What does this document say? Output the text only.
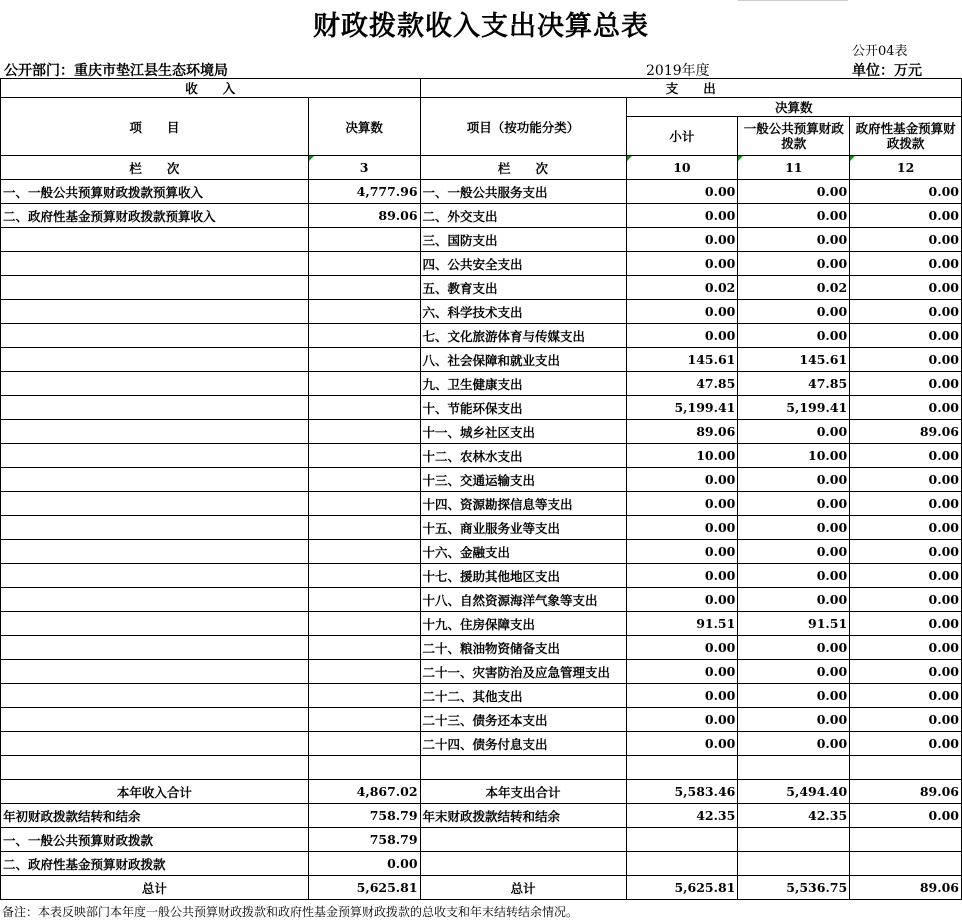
财政拨款收入支出决算总表
公开04表
公开部门：重庆市垫江县生态环境局	2019年度	单位：万元
收　　入		支　　出			
项　　目	决算数	项目（按功能分类）	决算数		
			小计	一般公共预算财政拨款	政府性基金预算财政拨款
栏　　次	3	栏　　次	10	11	12
一、一般公共预算财政拨款预算收入	4,777.96	一、一般公共服务支出	0.00	0.00	0.00
二、政府性基金预算财政拨款预算收入	89.06	二、外交支出	0.00	0.00	0.00
		三、国防支出	0.00	0.00	0.00
		四、公共安全支出	0.00	0.00	0.00
		五、教育支出	0.02	0.02	0.00
		六、科学技术支出	0.00	0.00	0.00
		七、文化旅游体育与传媒支出	0.00	0.00	0.00
		八、社会保障和就业支出	145.61	145.61	0.00
		九、卫生健康支出	47.85	47.85	0.00
		十、节能环保支出	5,199.41	5,199.41	0.00
		十一、城乡社区支出	89.06	0.00	89.06
		十二、农林水支出	10.00	10.00	0.00
		十三、交通运输支出	0.00	0.00	0.00
		十四、资源勘探信息等支出	0.00	0.00	0.00
		十五、商业服务业等支出	0.00	0.00	0.00
		十六、金融支出	0.00	0.00	0.00
		十七、援助其他地区支出	0.00	0.00	0.00
		十八、自然资源海洋气象等支出	0.00	0.00	0.00
		十九、住房保障支出	91.51	91.51	0.00
		二十、粮油物资储备支出	0.00	0.00	0.00
		二十一、灾害防治及应急管理支出	0.00	0.00	0.00
		二十二、其他支出	0.00	0.00	0.00
		二十三、债务还本支出	0.00	0.00	0.00
		二十四、债务付息支出	0.00	0.00	0.00

本年收入合计	4,867.02	本年支出合计	5,583.46	5,494.40	89.06
年初财政拨款结转和结余	758.79	年末财政拨款结转和结余	42.35	42.35	0.00
一、一般公共预算财政拨款	758.79				
二、政府性基金预算财政拨款	0.00				
总计	5,625.81	总计	5,625.81	5,536.75	89.06
备注：本表反映部门本年度一般公共预算财政拨款和政府性基金预算财政拨款的总收支和年末结转结余情况。
